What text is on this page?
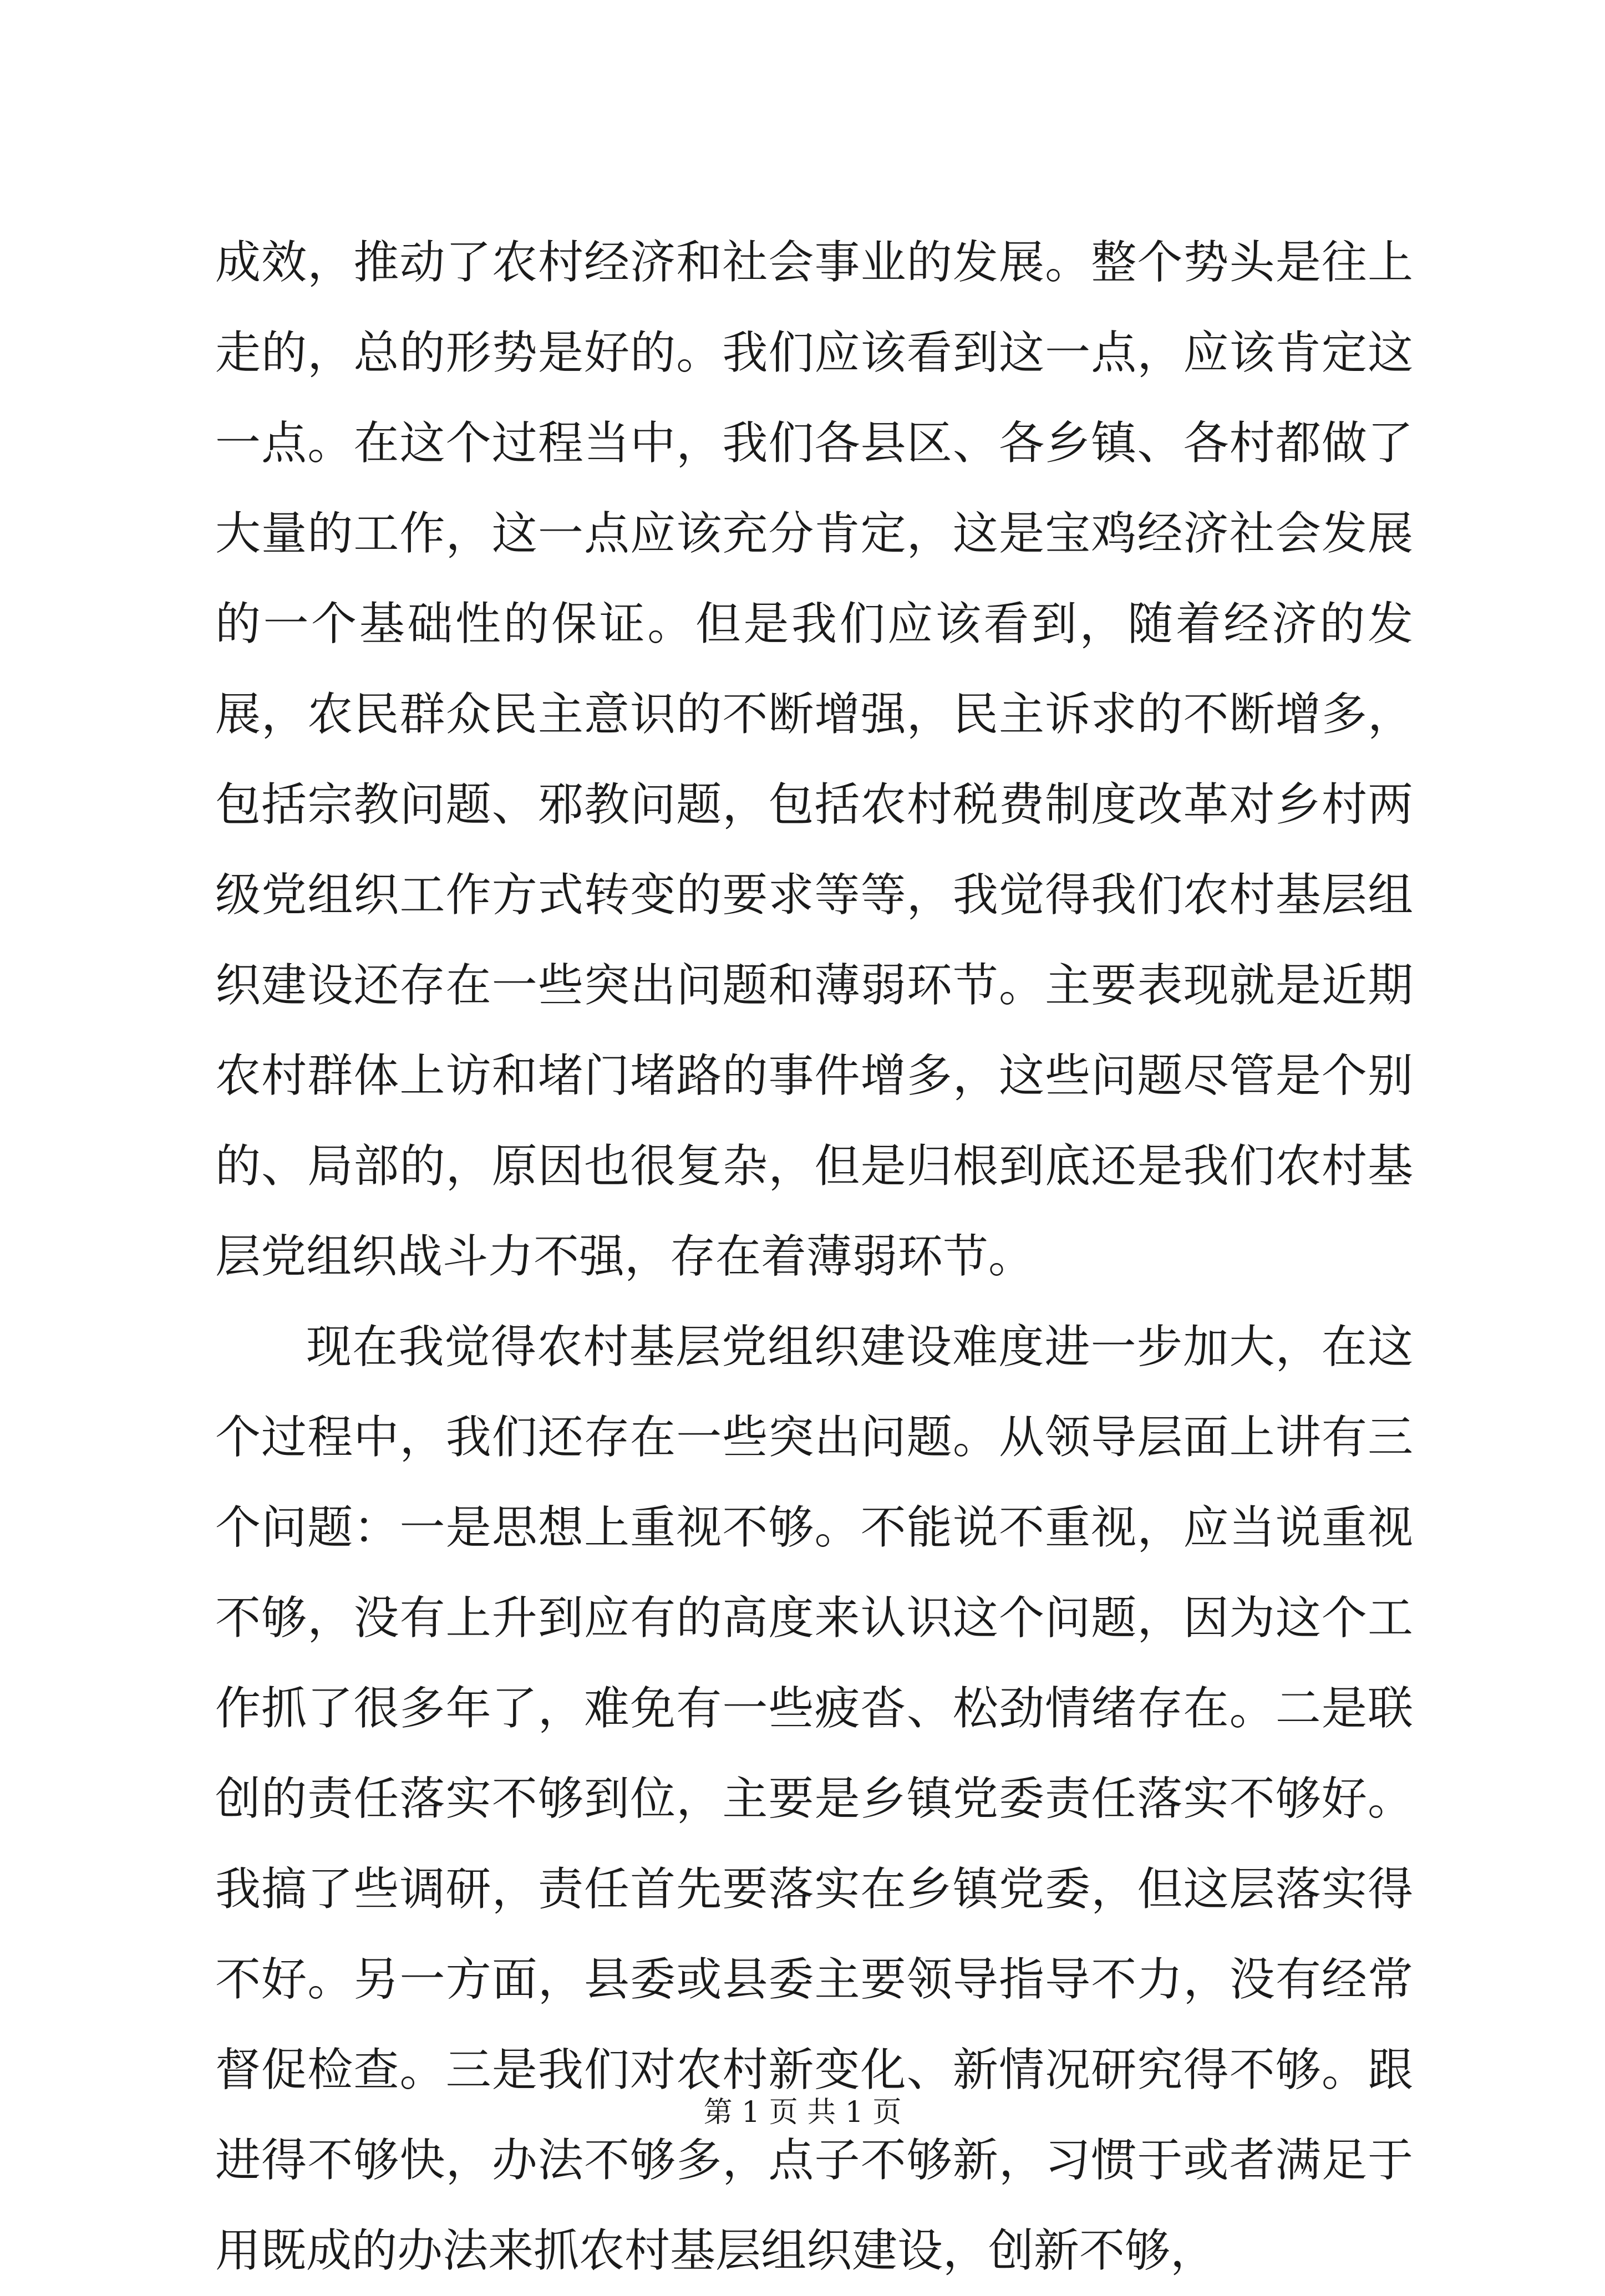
成效，推动了农村经济和社会事业的发展。整个势头是往上走的，总的形势是好的。我们应该看到这一点，应该肯定这一点。在这个过程当中，我们各县区、各乡镇、各村都做了大量的工作，这一点应该充分肯定，这是宝鸡经济社会发展的一个基础性的保证。但是我们应该看到，随着经济的发展，农民群众民主意识的不断增强，民主诉求的不断增多，包括宗教问题、邪教问题，包括农村税费制度改革对乡村两级党组织工作方式转变的要求等等，我觉得我们农村基层组织建设还存在一些突出问题和薄弱环节。主要表现就是近期农村群体上访和堵门堵路的事件增多，这些问题尽管是个别的、局部的，原因也很复杂，但是归根到底还是我们农村基层党组织战斗力不强，存在着薄弱环节。

现在我觉得农村基层党组织建设难度进一步加大，在这个过程中，我们还存在一些突出问题。从领导层面上讲有三个问题：一是思想上重视不够。不能说不重视，应当说重视不够，没有上升到应有的高度来认识这个问题，因为这个工作抓了很多年了，难免有一些疲沓、松劲情绪存在。二是联创的责任落实不够到位，主要是乡镇党委责任落实不够好。我搞了些调研，责任首先要落实在乡镇党委，但这层落实得不好。另一方面，县委或县委主要领导指导不力，没有经常督促检查。三是我们对农村新变化、新情况研究得不够。跟进得不够快，办法不够多，点子不够新，习惯于或者满足于用既成的办法来抓农村基层组织建设，创新不够，

第 1 页 共 1 页
